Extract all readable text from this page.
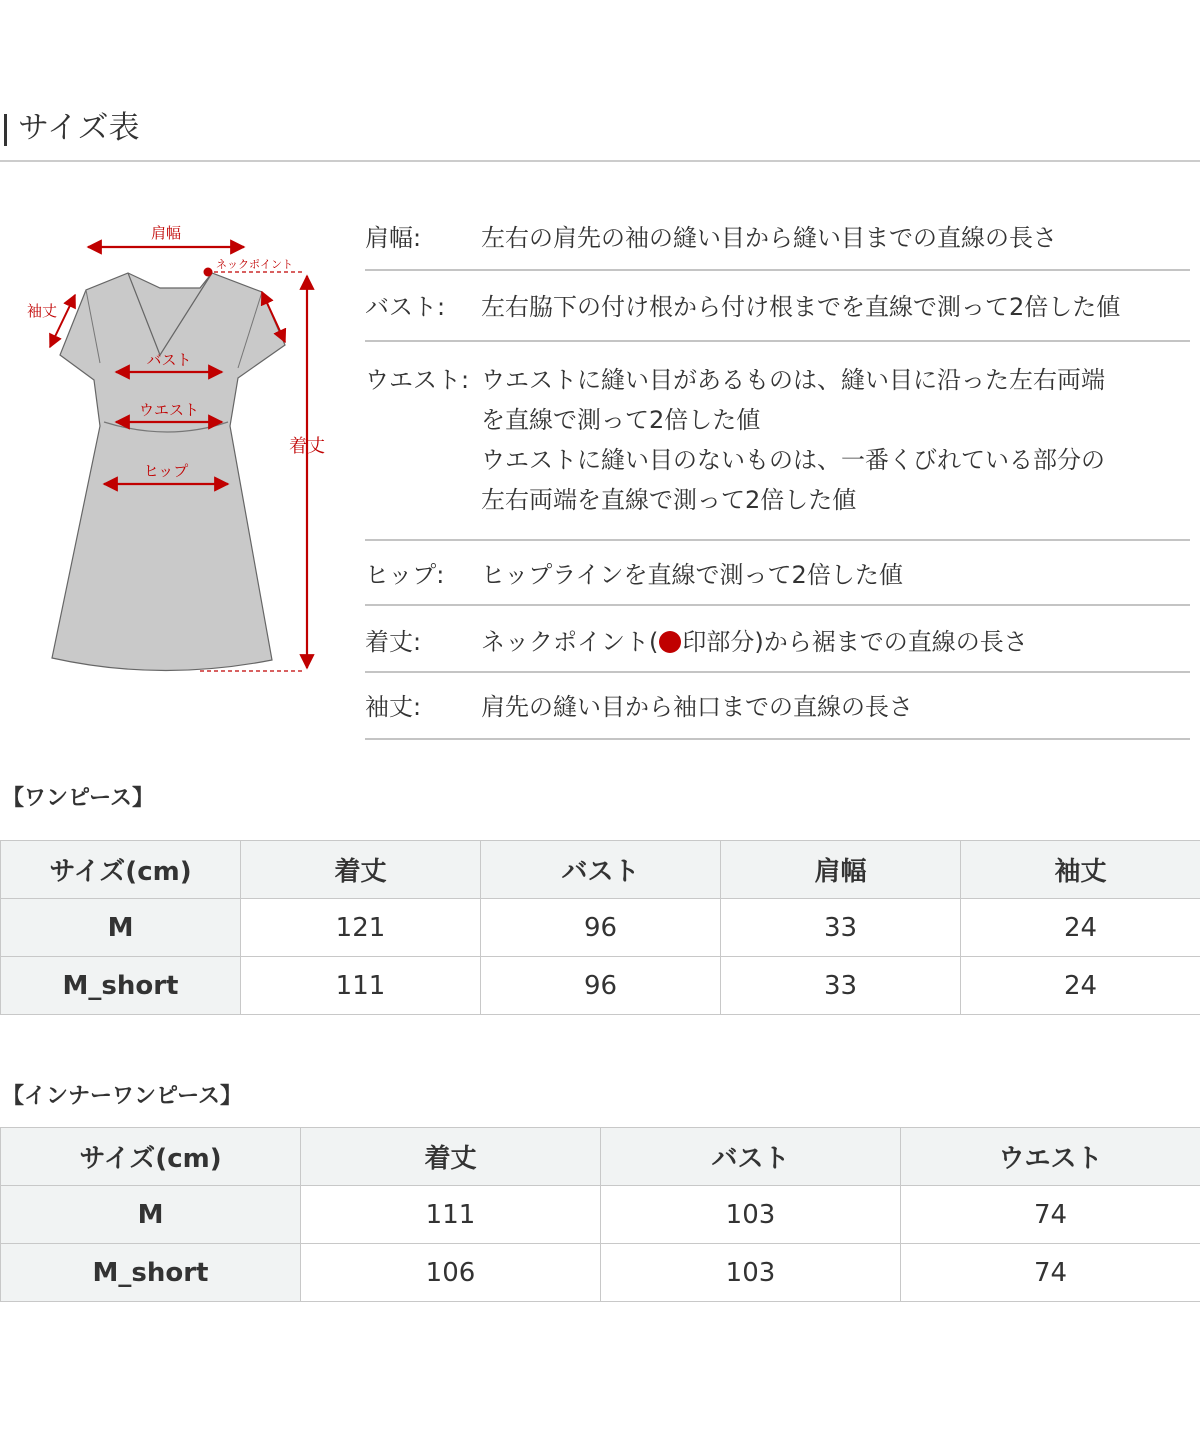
サイズ表
肩幅
ネックポイント
袖丈
バスト
ウエスト
ヒップ
着丈
肩幅:	左右の肩先の袖の縫い目から縫い目までの直線の長さ
バスト:	左右脇下の付け根から付け根までを直線で測って2倍した値
ウエスト: ウエストに縫い目があるものは、縫い目に沿った左右両端
を直線で測って2倍した値
ウエストに縫い目のないものは、一番くびれている部分の
左右両端を直線で測って2倍した値
ヒップ:	ヒップラインを直線で測って2倍した値
着丈:	ネックポイント( 印部分)から裾までの直線の長さ
袖丈:	肩先の縫い目から袖口までの直線の長さ
【ワンピース】
サイズ(cm)	着丈	バスト	肩幅	袖丈
M	121	96	33	24
M_short	111	96	33	24
【インナーワンピース】
サイズ(cm)	着丈	バスト	ウエスト
M	111	103	74
M_short	106	103	74
